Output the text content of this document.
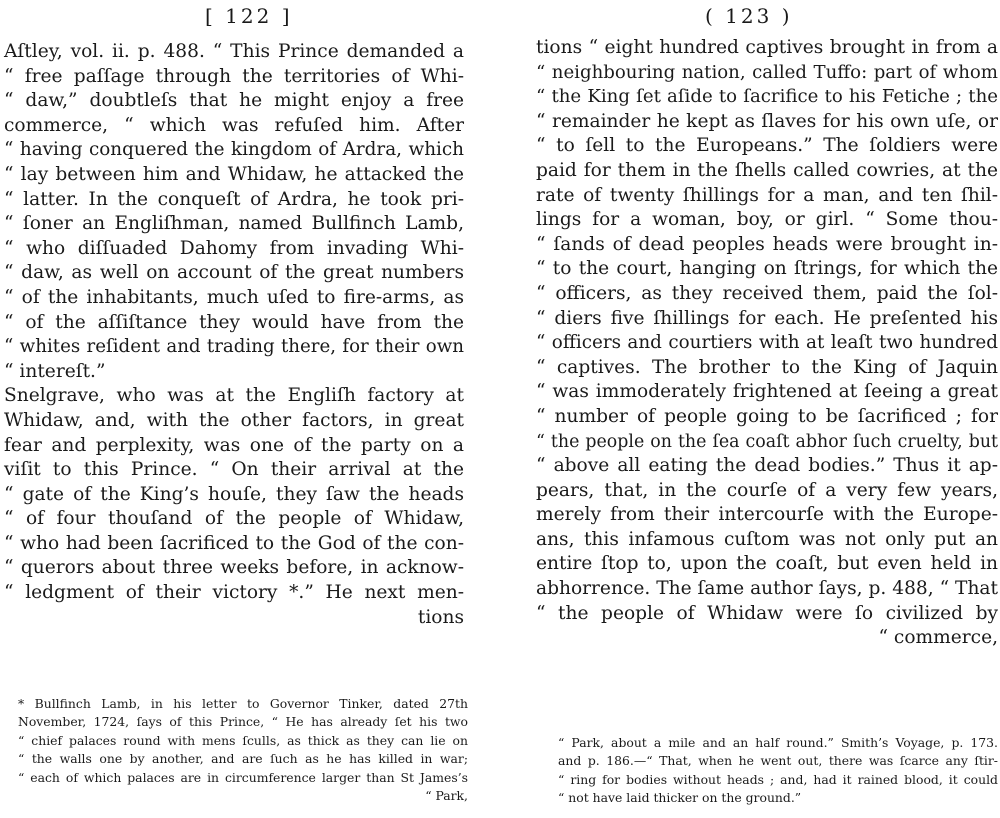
[ 122 ]
Aſtley, vol. ii. p. 488. “ This Prince demanded a
“ free paſſage through the territories of Whi-
“ daw,” doubtleſs that he might enjoy a free
commerce, “ which was refuſed him. After
“ having conquered the kingdom of Ardra, which
“ lay between him and Whidaw, he attacked the
“ latter. In the conqueſt of Ardra, he took pri-
“ ſoner an Engliſhman, named Bullfinch Lamb,
“ who diſſuaded Dahomy from invading Whi-
“ daw, as well on account of the great numbers
“ of the inhabitants, much uſed to fire-arms, as
“ of the aſſiſtance they would have from the
“ whites reſident and trading there, for their own
“ intereſt.”
Snelgrave, who was at the Engliſh factory at
Whidaw, and, with the other factors, in great
fear and perplexity, was one of the party on a
viſit to this Prince. “ On their arrival at the
“ gate of the King’s houſe, they ſaw the heads
“ of four thouſand of the people of Whidaw,
“ who had been ſacrificed to the God of the con-
“ querors about three weeks before, in acknow-
“ ledgment of their victory *.” He next men-
tions
* Bullfinch Lamb, in his letter to Governor Tinker, dated 27th
November, 1724, ſays of this Prince, “ He has already ſet his two
“ chief palaces round with mens ſculls, as thick as they can lie on
“ the walls one by another, and are ſuch as he has killed in war;
“ each of which palaces are in circumference larger than St James’s
“ Park,
( 123 )
tions “ eight hundred captives brought in from a
“ neighbouring nation, called Tuffo: part of whom
“ the King ſet aſide to ſacrifice to his Fetiche ; the
“ remainder he kept as ſlaves for his own uſe, or
“ to ſell to the Europeans.” The ſoldiers were
paid for them in the ſhells called cowries, at the
rate of twenty ſhillings for a man, and ten ſhil-
lings for a woman, boy, or girl. “ Some thou-
“ ſands of dead peoples heads were brought in-
“ to the court, hanging on ſtrings, for which the
“ officers, as they received them, paid the ſol-
“ diers five ſhillings for each. He preſented his
“ officers and courtiers with at leaſt two hundred
“ captives. The brother to the King of Jaquin
“ was immoderately frightened at ſeeing a great
“ number of people going to be ſacrificed ; for
“ the people on the ſea coaſt abhor ſuch cruelty, but
“ above all eating the dead bodies.” Thus it ap-
pears, that, in the courſe of a very few years,
merely from their intercourſe with the Europe-
ans, this infamous cuſtom was not only put an
entire ſtop to, upon the coaſt, but even held in
abhorrence. The ſame author ſays, p. 488, “ That
“ the people of Whidaw were ſo civilized by
“ commerce,
“ Park, about a mile and an half round.” Smith’s Voyage, p. 173.
and p. 186.—“ That, when he went out, there was ſcarce any ſtir-
“ ring for bodies without heads ; and, had it rained blood, it could
“ not have laid thicker on the ground.”
